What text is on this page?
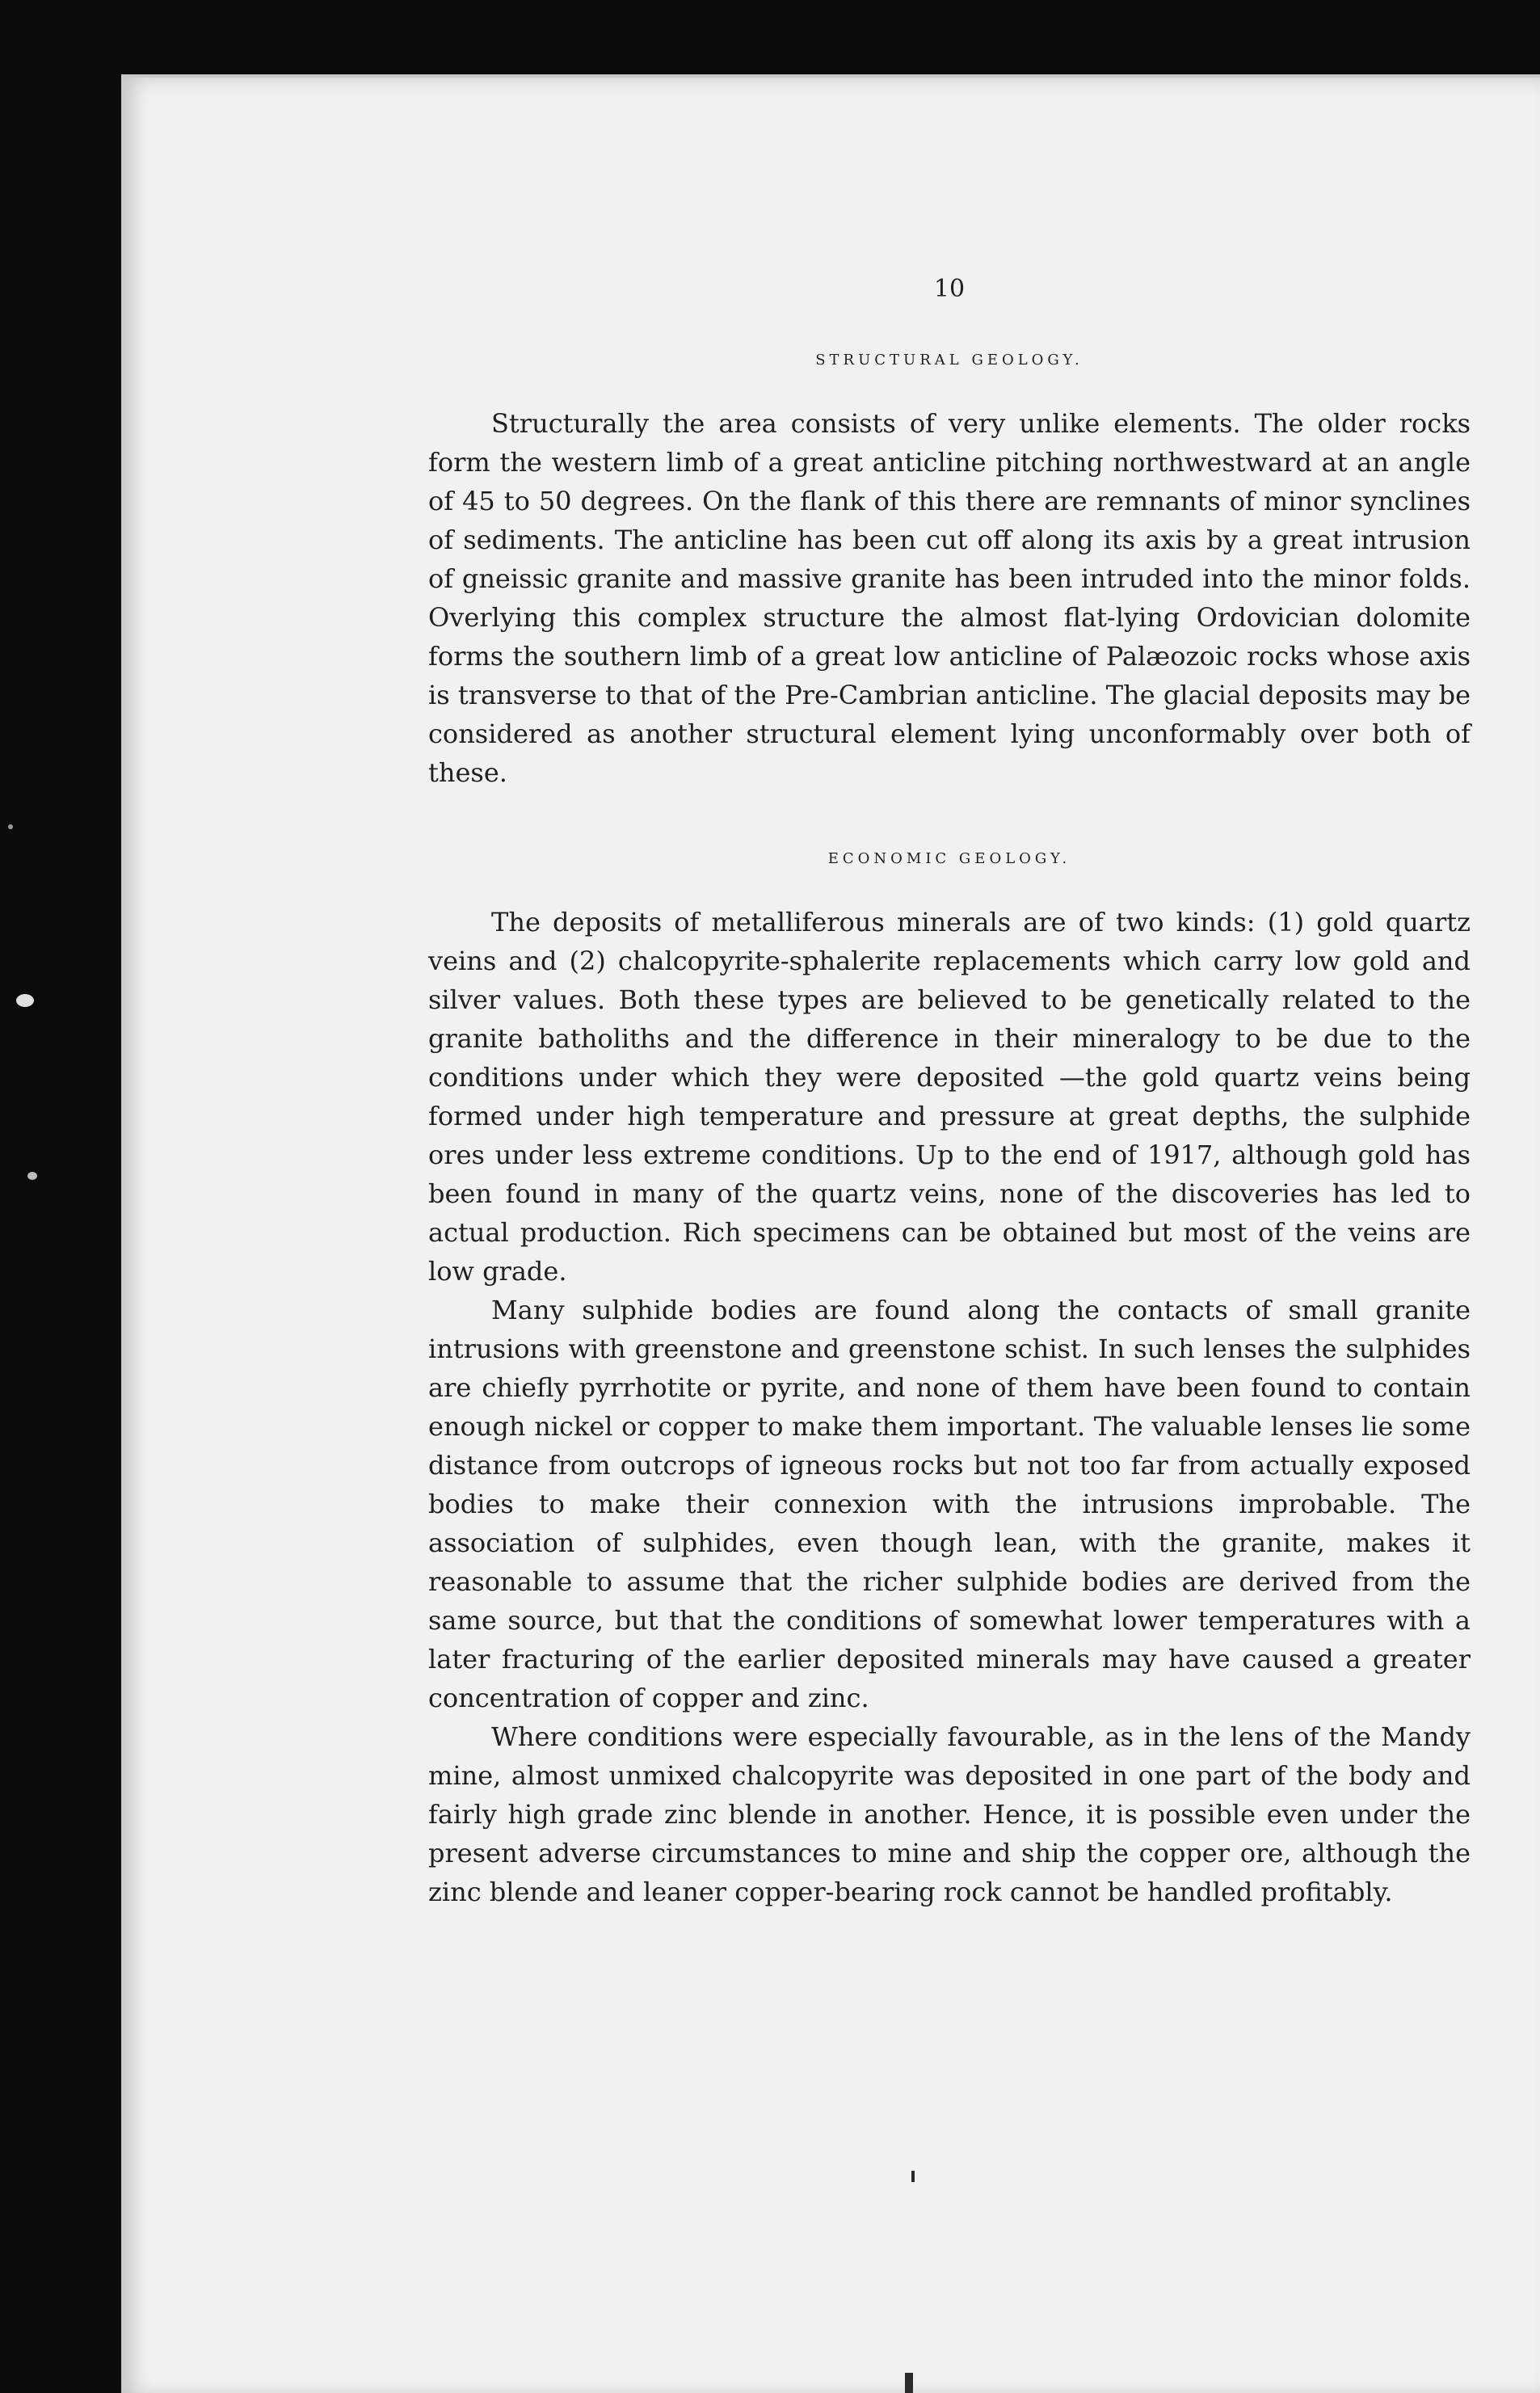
10
STRUCTURAL GEOLOGY.

Structurally the area consists of very unlike elements. The older rocks form the western limb of a great anticline pitching northwestward at an angle of 45 to 50 degrees. On the flank of this there are remnants of minor synclines of sediments. The anticline has been cut off along its axis by a great intrusion of gneissic granite and massive granite has been intruded into the minor folds. Overlying this complex structure the almost flat-lying Ordovician dolomite forms the southern limb of a great low anticline of Palæozoic rocks whose axis is transverse to that of the Pre-Cambrian anticline. The glacial deposits may be considered as another structural element lying unconformably over both of these.

ECONOMIC GEOLOGY.

The deposits of metalliferous minerals are of two kinds: (1) gold quartz veins and (2) chalcopyrite-sphalerite replacements which carry low gold and silver values. Both these types are believed to be genetically related to the granite batholiths and the difference in their mineralogy to be due to the conditions under which they were deposited —the gold quartz veins being formed under high temperature and pressure at great depths, the sulphide ores under less extreme conditions. Up to the end of 1917, although gold has been found in many of the quartz veins, none of the discoveries has led to actual production. Rich specimens can be obtained but most of the veins are low grade.

Many sulphide bodies are found along the contacts of small granite intrusions with greenstone and greenstone schist. In such lenses the sulphides are chiefly pyrrhotite or pyrite, and none of them have been found to contain enough nickel or copper to make them important. The valuable lenses lie some distance from outcrops of igneous rocks but not too far from actually exposed bodies to make their connexion with the intrusions improbable. The association of sulphides, even though lean, with the granite, makes it reasonable to assume that the richer sulphide bodies are derived from the same source, but that the conditions of somewhat lower temperatures with a later fracturing of the earlier deposited minerals may have caused a greater concentration of copper and zinc.

Where conditions were especially favourable, as in the lens of the Mandy mine, almost unmixed chalcopyrite was deposited in one part of the body and fairly high grade zinc blende in another. Hence, it is possible even under the present adverse circumstances to mine and ship the copper ore, although the zinc blende and leaner copper-bearing rock cannot be handled profitably.
